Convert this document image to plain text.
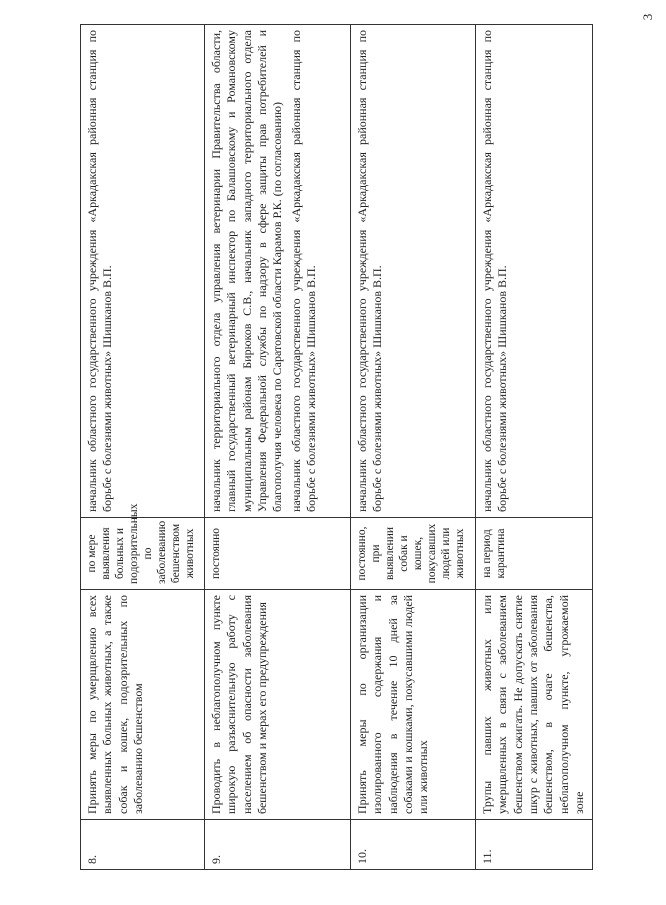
8.	Принять меры по умерщвлению всех выявленных больных животных, а также собак и кошек, подозрительных по заболеванию бешенством	по мере выявления больных и подозрительных по заболеванию бешенством животных	начальник областного государственного учреждения «Аркадакская районная станция по борьбе с болезнями животных» Шишканов В.П.

9.	Проводить в неблагополучном пункте широкую разъяснительную работу с населением об опасности заболевания бешенством и мерах его предупреждения	постоянно	начальник территориального отдела управления ветеринарии Правительства области, главный государственный ветеринарный инспектор по Балашовскому и Романовскому муниципальным районам Бирюков С.В., начальник западного территориального отдела Управления Федеральной службы по надзору в сфере защиты прав потребителей и благополучия человека по Саратовской области Карамов Р.К. (по согласованию) начальник областного государственного учреждения «Аркадакская районная станция по борьбе с болезнями животных» Шишканов В.П.

10.	Принять меры по организации изолированного содержания и наблюдения в течение 10 дней за собаками и кошками, покусавшими людей или животных	постоянно, при выявлении собак и кошек, покусавших людей или животных	начальник областного государственного учреждения «Аркадакская районная станция по борьбе с болезнями животных» Шишканов В.П.

11.	Трупы павших животных или умерщвленных в связи с заболеванием бешенством сжигать. Не допускать снятие шкур с животных, павших от заболевания бешенством, в очаге бешенства, неблагополучном пункте, угрожаемой зоне	на период карантина	начальник областного государственного учреждения «Аркадакская районная станция по борьбе с болезнями животных» Шишканов В.П.

3
